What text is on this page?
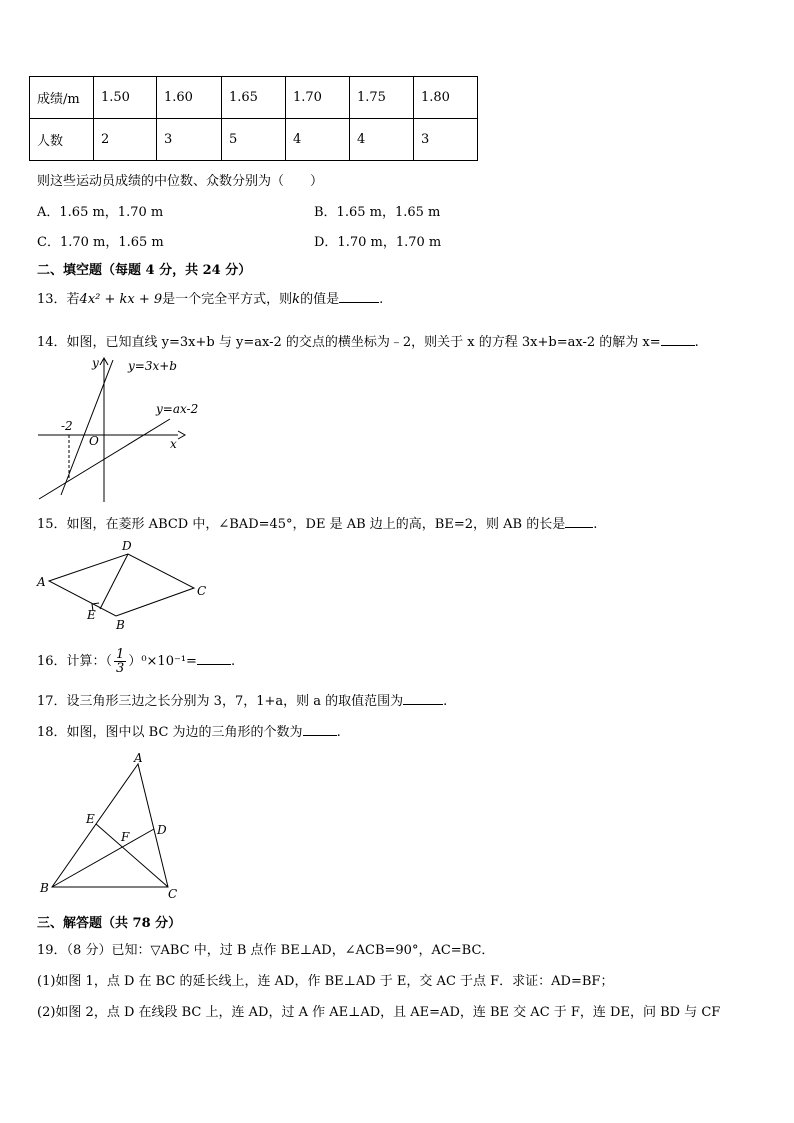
成绩/m	1.50	1.60	1.65	1.70	1.75	1.80
人数	2	3	5	4	4	3
则这些运动员成绩的中位数、众数分别为（　　）
A．1.65 m，1.70 m	B．1.65 m，1.65 m
C．1.70 m，1.65 m	D．1.70 m，1.70 m
二、填空题（每题 4 分，共 24 分）
13．若4x² + kx + 9是一个完全平方式，则k的值是	.
14．如图，已知直线 y=3x+b 与 y=ax-2 的交点的横坐标为﹣2，则关于 x 的方程 3x+b=ax-2 的解为 x=	.
y=3x+b
y=ax-2
y
x
O
-2
15．如图，在菱形 ABCD 中，∠BAD=45°，DE 是 AB 边上的高，BE=2，则 AB 的长是 .
A
D
C
B
E
16．计算：（ $\frac{1}{3} )^0\times 10^{-1}=$	.
17．设三角形三边之长分别为 3，7，1+a，则 a 的取值范围为	.
18．如图，图中以 BC 为边的三角形的个数为	.
A
E
D
F
B	C
三、解答题（共 78 分）
19．（8 分）已知：▽ABC 中，过 B 点作 BE⊥AD，∠ACB=90°，AC=BC．
(1)如图 1，点 D 在 BC 的延长线上，连 AD，作 BE⊥AD 于 E，交 AC 于点 F．求证：AD=BF；
(2)如图 2，点 D 在线段 BC 上，连 AD，过 A 作 AE⊥AD，且 AE=AD，连 BE 交 AC 于 F，连 DE，问 BD 与 CF
